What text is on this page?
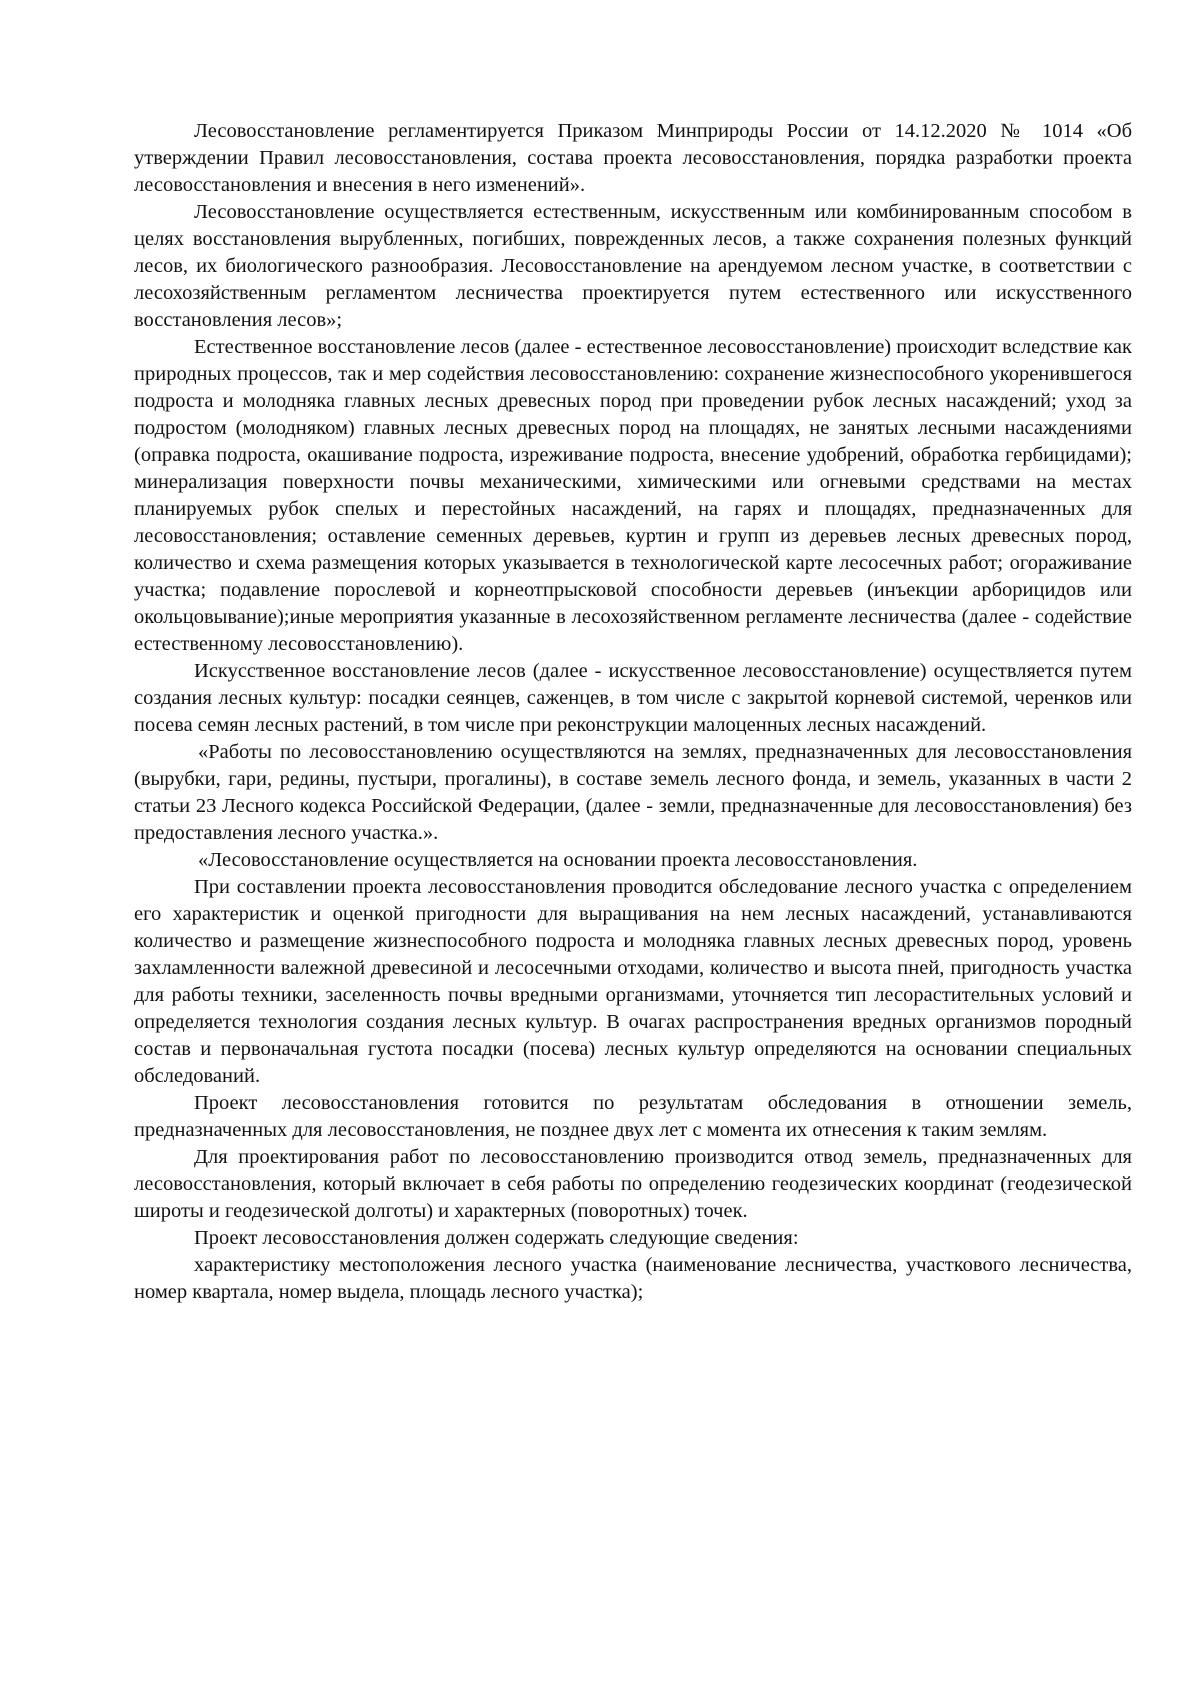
Лесовосстановление регламентируется Приказом Минприроды России от 14.12.2020 № 1014 «Об утверждении Правил лесовосстановления, состава проекта лесовосстановления, порядка разработки проекта лесовосстановления и внесения в него изменений».

Лесовосстановление осуществляется естественным, искусственным или комбинированным способом в целях восстановления вырубленных, погибших, поврежденных лесов, а также сохранения полезных функций лесов, их биологического разнообразия. Лесовосстановление на арендуемом лесном участке, в соответствии с лесохозяйственным регламентом лесничества проектируется путем естественного или искусственного восстановления лесов»;

Естественное восстановление лесов (далее - естественное лесовосстановление) происходит вследствие как природных процессов, так и мер содействия лесовосстановлению: сохранение жизнеспособного укоренившегося подроста и молодняка главных лесных древесных пород при проведении рубок лесных насаждений; уход за подростом (молодняком) главных лесных древесных пород на площадях, не занятых лесными насаждениями (оправка подроста, окашивание подроста, изреживание подроста, внесение удобрений, обработка гербицидами); минерализация поверхности почвы механическими, химическими или огневыми средствами на местах планируемых рубок спелых и перестойных насаждений, на гарях и площадях, предназначенных для лесовосстановления; оставление семенных деревьев, куртин и групп из деревьев лесных древесных пород, количество и схема размещения которых указывается в технологической карте лесосечных работ; огораживание участка; подавление порослевой и корнеотпрысковой способности деревьев (инъекции арборицидов или окольцовывание);иные мероприятия указанные в лесохозяйственном регламенте лесничества (далее - содействие естественному лесовосстановлению).

Искусственное восстановление лесов (далее - искусственное лесовосстановление) осуществляется путем создания лесных культур: посадки сеянцев, саженцев, в том числе с закрытой корневой системой, черенков или посева семян лесных растений, в том числе при реконструкции малоценных лесных насаждений.

«Работы по лесовосстановлению осуществляются на землях, предназначенных для лесовосстановления (вырубки, гари, редины, пустыри, прогалины), в составе земель лесного фонда, и земель, указанных в части 2 статьи 23 Лесного кодекса Российской Федерации, (далее - земли, предназначенные для лесовосстановления) без предоставления лесного участка.».

«Лесовосстановление осуществляется на основании проекта лесовосстановления.

При составлении проекта лесовосстановления проводится обследование лесного участка с определением его характеристик и оценкой пригодности для выращивания на нем лесных насаждений, устанавливаются количество и размещение жизнеспособного подроста и молодняка главных лесных древесных пород, уровень захламленности валежной древесиной и лесосечными отходами, количество и высота пней, пригодность участка для работы техники, заселенность почвы вредными организмами, уточняется тип лесорастительных условий и определяется технология создания лесных культур. В очагах распространения вредных организмов породный состав и первоначальная густота посадки (посева) лесных культур определяются на основании специальных обследований.

Проект лесовосстановления готовится по результатам обследования в отношении земель, предназначенных для лесовосстановления, не позднее двух лет с момента их отнесения к таким землям.

Для проектирования работ по лесовосстановлению производится отвод земель, предназначенных для лесовосстановления, который включает в себя работы по определению геодезических координат (геодезической широты и геодезической долготы) и характерных (поворотных) точек.

Проект лесовосстановления должен содержать следующие сведения:

характеристику местоположения лесного участка (наименование лесничества, участкового лесничества, номер квартала, номер выдела, площадь лесного участка);
